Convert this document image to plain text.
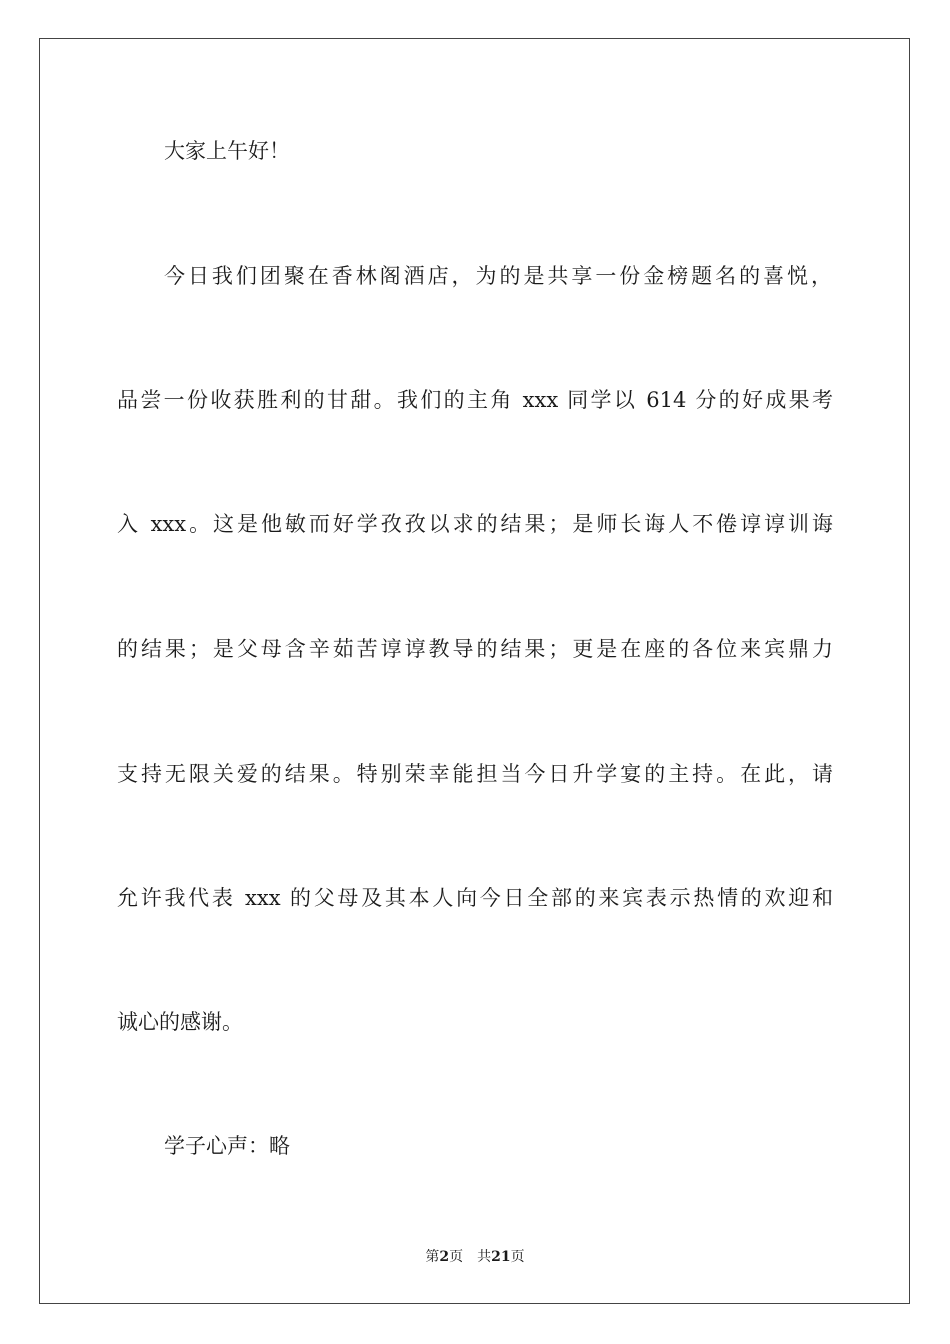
大家上午好！
今日我们团聚在香林阁酒店，为的是共享一份金榜题名的喜悦，
品尝一份收获胜利的甘甜。我们的主角 xxx 同学以 614 分的好成果考
入 xxx。这是他敏而好学孜孜以求的结果；是师长诲人不倦谆谆训诲
的结果；是父母含辛茹苦谆谆教导的结果；更是在座的各位来宾鼎力
支持无限关爱的结果。特别荣幸能担当今日升学宴的主持。在此，请
允许我代表 xxx 的父母及其本人向今日全部的来宾表示热情的欢迎和
诚心的感谢。
学子心声：略
第2页 共21页
